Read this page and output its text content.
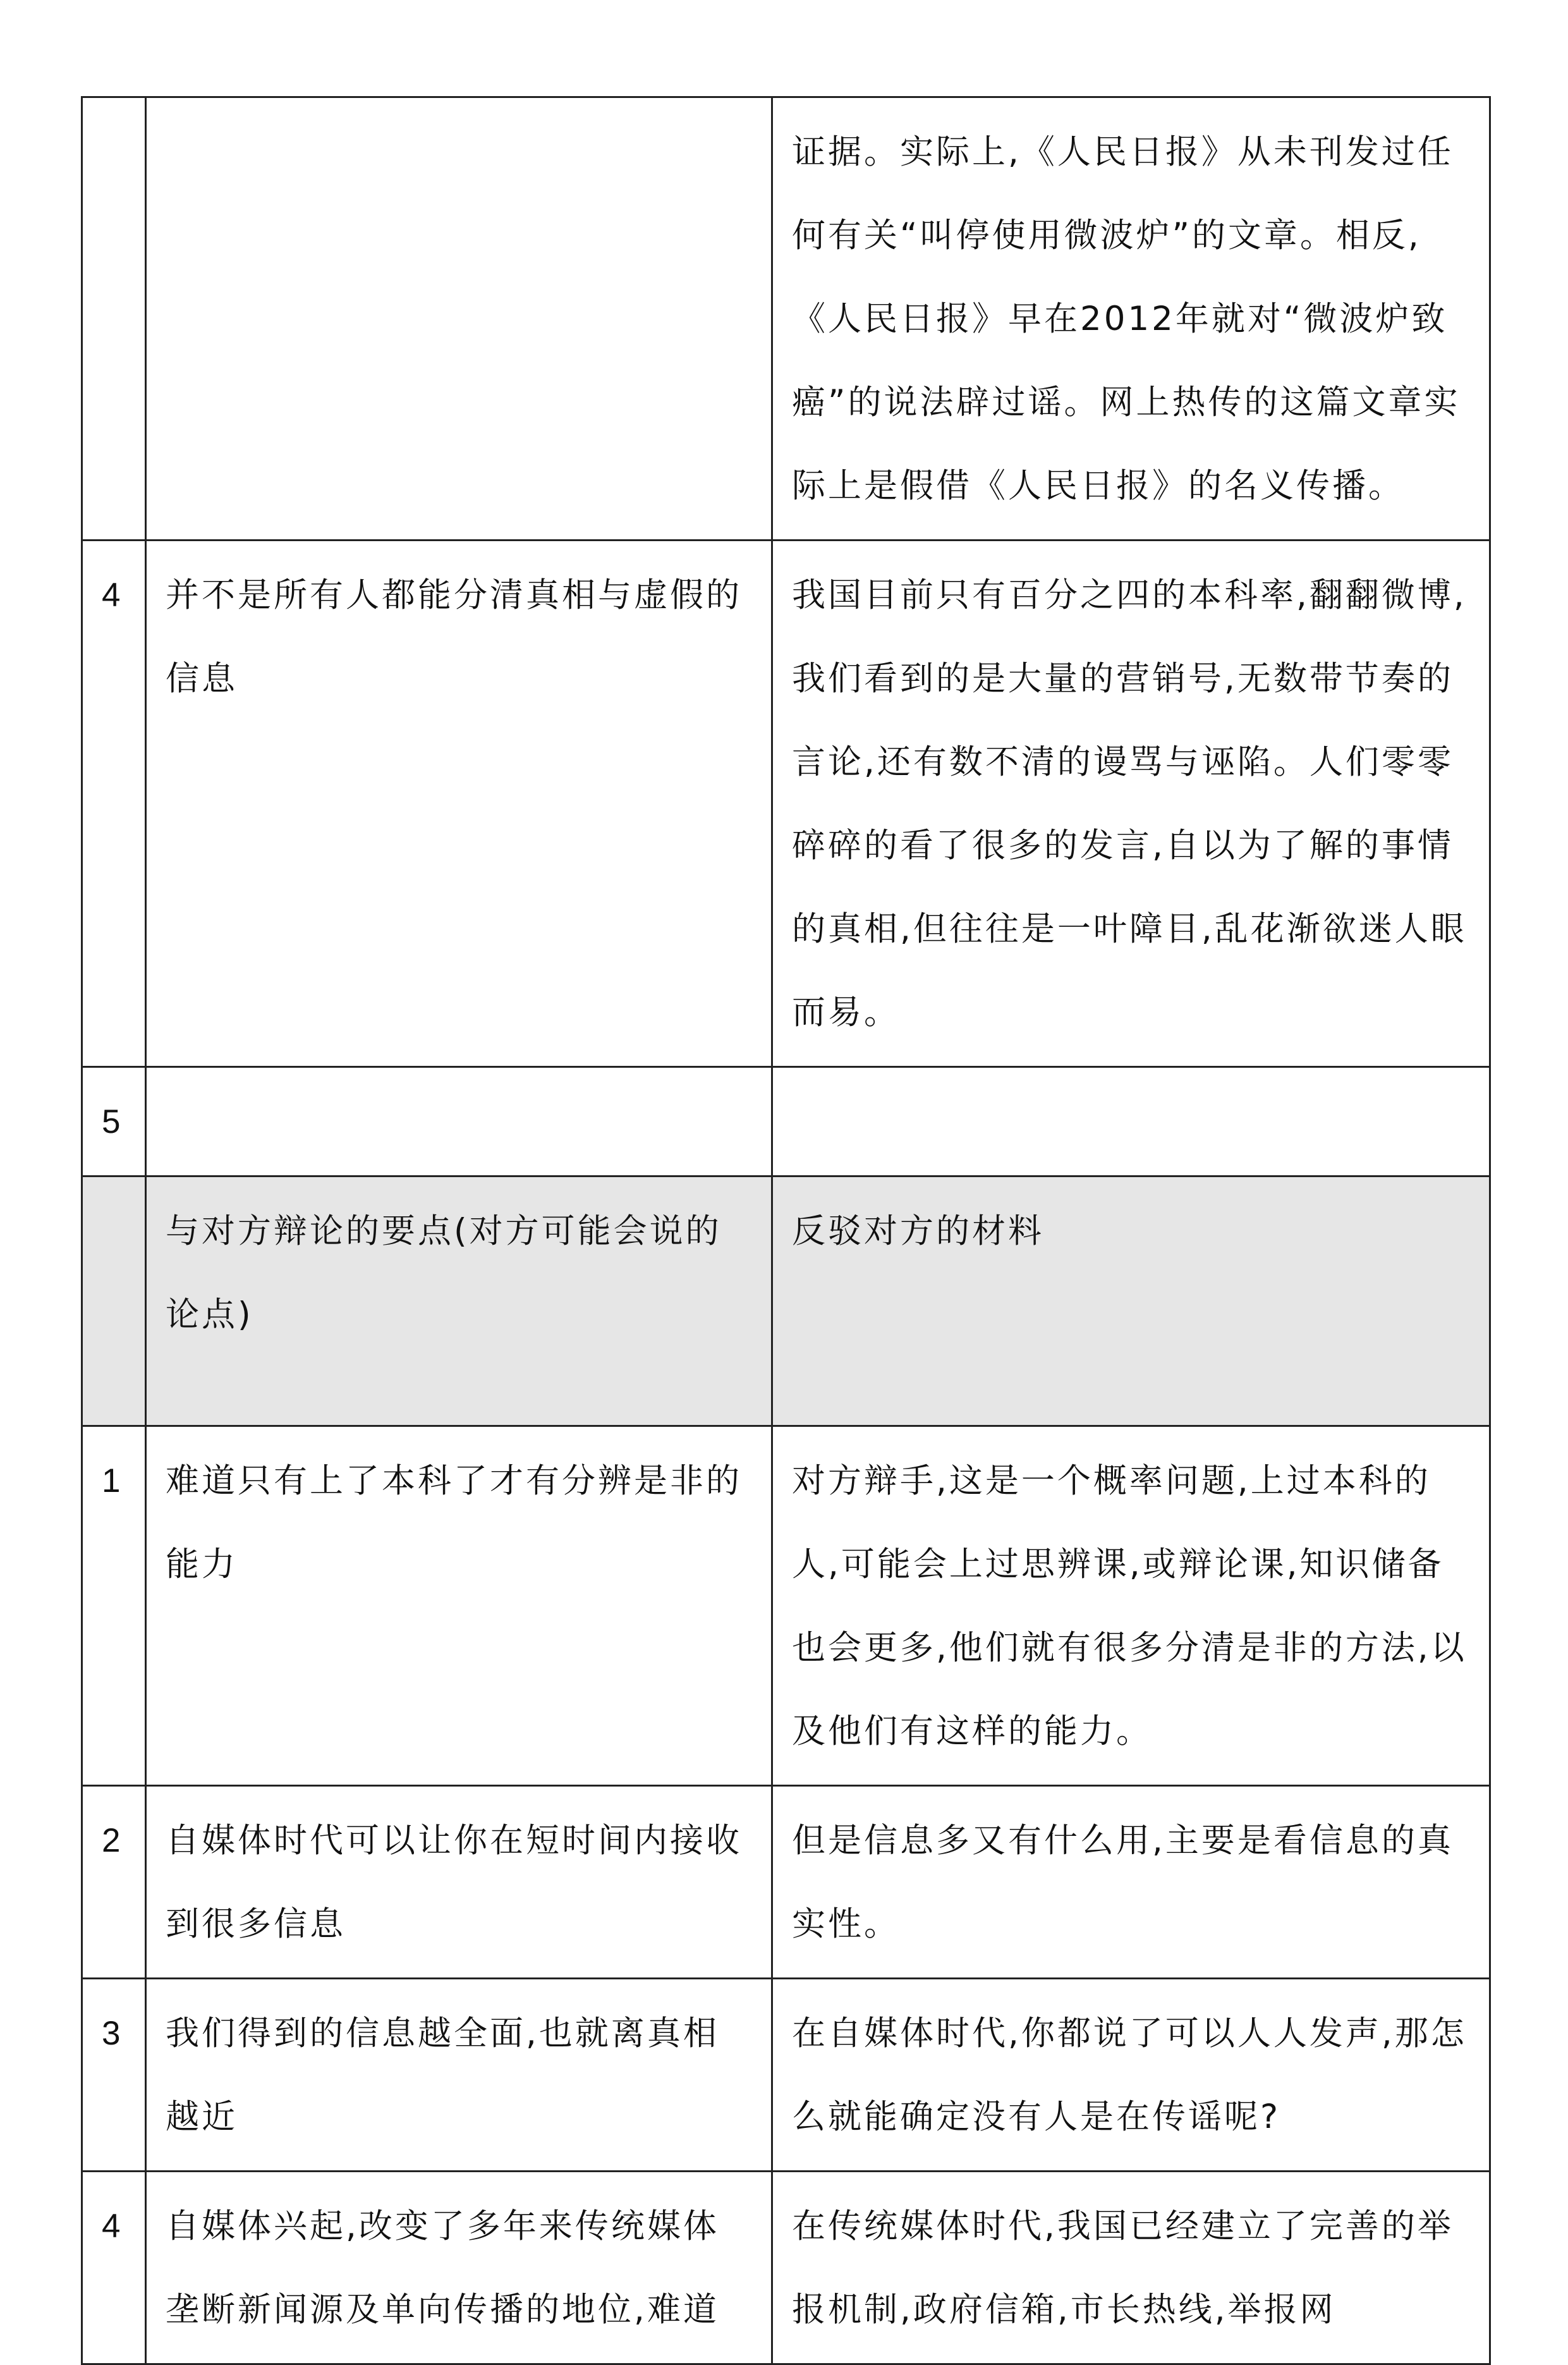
		证据。实际上,《人民日报》从未刊发过任何有关“叫停使用微波炉”的文章。相反,《人民日报》早在2012年就对“微波炉致癌”的说法辟过谣。网上热传的这篇文章实际上是假借《人民日报》的名义传播。
4	并不是所有人都能分清真相与虚假的信息	我国目前只有百分之四的本科率,翻翻微博,我们看到的是大量的营销号,无数带节奏的言论,还有数不清的谩骂与诬陷。人们零零碎碎的看了很多的发言,自以为了解的事情的真相,但往往是一叶障目,乱花渐欲迷人眼而易。
5		
	与对方辩论的要点(对方可能会说的论点)	反驳对方的材料
1	难道只有上了本科了才有分辨是非的能力	对方辩手,这是一个概率问题,上过本科的人,可能会上过思辨课,或辩论课,知识储备也会更多,他们就有很多分清是非的方法,以及他们有这样的能力。
2	自媒体时代可以让你在短时间内接收到很多信息	但是信息多又有什么用,主要是看信息的真实性。
3	我们得到的信息越全面,也就离真相越近	在自媒体时代,你都说了可以人人发声,那怎么就能确定没有人是在传谣呢?
4	自媒体兴起,改变了多年来传统媒体垄断新闻源及单向传播的地位,难道	在传统媒体时代,我国已经建立了完善的举报机制,政府信箱,市长热线,举报网
